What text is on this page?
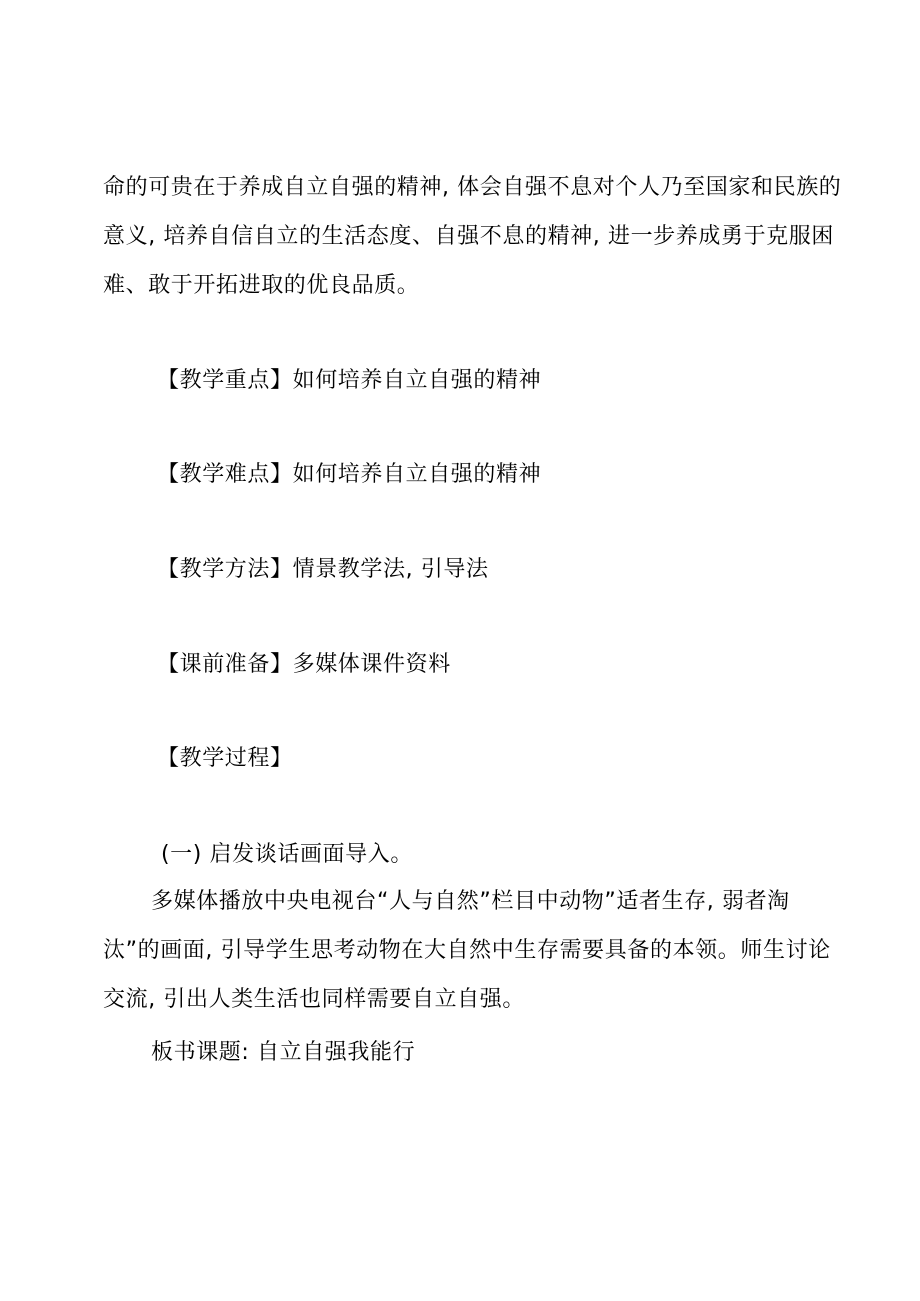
命的可贵在于养成自立自强的精神, 体会自强不息对个人乃至国家和民族的
意义, 培养自信自立的生活态度、自强不息的精神, 进一步养成勇于克服困
难、敢于开拓进取的优良品质。
【教学重点】如何培养自立自强的精神
【教学难点】如何培养自立自强的精神
【教学方法】情景教学法, 引导法
【课前准备】多媒体课件资料
【教学过程】
(一) 启发谈话画面导入。
多媒体播放中央电视台“人与自然”栏目中动物”适者生存, 弱者淘
汰”的画面, 引导学生思考动物在大自然中生存需要具备的本领。师生讨论
交流, 引出人类生活也同样需要自立自强。
板书课题: 自立自强我能行
